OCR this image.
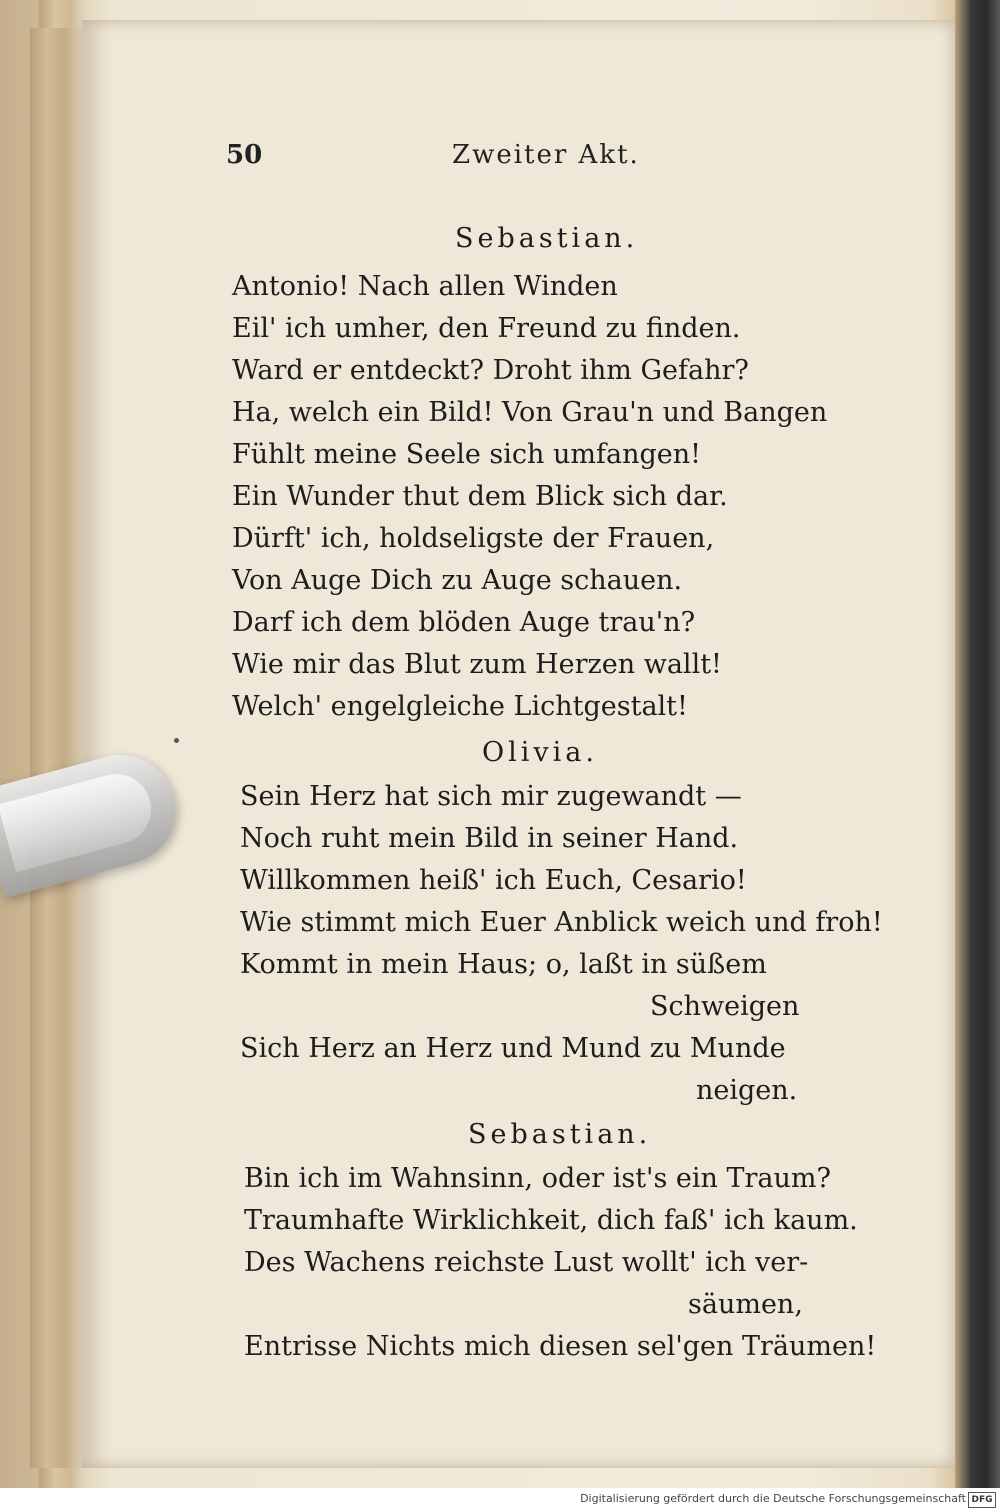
50	Zweiter Akt.
Sebastian.
Antonio! Nach allen Winden
Eil' ich umher, den Freund zu finden.
Ward er entdeckt? Droht ihm Gefahr?
Ha, welch ein Bild! Von Grau'n und Bangen
Fühlt meine Seele sich umfangen!
Ein Wunder thut dem Blick sich dar.
Dürft' ich, holdseligste der Frauen,
Von Auge Dich zu Auge schauen.
Darf ich dem blöden Auge trau'n?
Wie mir das Blut zum Herzen wallt!
Welch' engelgleiche Lichtgestalt!
Olivia.
Sein Herz hat sich mir zugewandt —
Noch ruht mein Bild in seiner Hand.
Willkommen heiß' ich Euch, Cesario!
Wie stimmt mich Euer Anblick weich und froh!
Kommt in mein Haus; o, laßt in süßem
Schweigen
Sich Herz an Herz und Mund zu Munde
neigen.
Sebastian.
Bin ich im Wahnsinn, oder ist's ein Traum?
Traumhafte Wirklichkeit, dich faß' ich kaum.
Des Wachens reichste Lust wollt' ich ver-
säumen,
Entrisse Nichts mich diesen sel'gen Träumen!
Digitalisierung gefördert durch die Deutsche Forschungsgemeinschaft DFG
